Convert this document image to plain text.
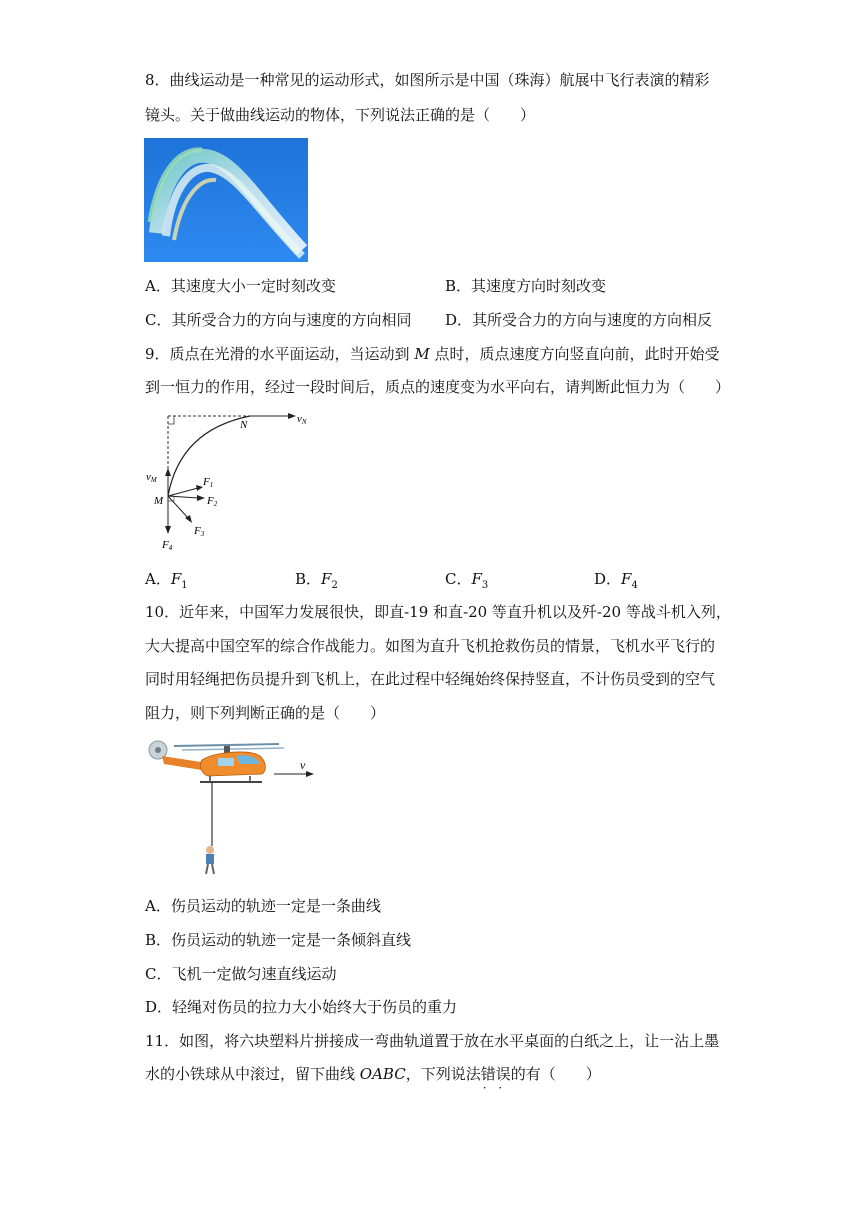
8．曲线运动是一种常见的运动形式，如图所示是中国（珠海）航展中飞行表演的精彩
镜头。关于做曲线运动的物体，下列说法正确的是（　　）
A．其速度大小一定时刻改变	B．其速度方向时刻改变
C．其所受合力的方向与速度的方向相同 D．其所受合力的方向与速度的方向相反
9．质点在光滑的水平面运动，当运动到 M 点时，质点速度方向竖直向前，此时开始受
到一恒力的作用，经过一段时间后，质点的速度变为水平向右，请判断此恒力为（　　）
vN
N
vM
M
F1
F2
F3
F4
A．$F_1$	B．$F_2$	C．$F_3$	D．$F_4$
10．近年来，中国军力发展很快，即直-19 和直-20 等直升机以及歼-20 等战斗机入列，
大大提高中国空军的综合作战能力。如图为直升飞机抢救伤员的情景，飞机水平飞行的
同时用轻绳把伤员提升到飞机上，在此过程中轻绳始终保持竖直，不计伤员受到的空气
阻力，则下列判断正确的是（　　）
v
A．伤员运动的轨迹一定是一条曲线
B．伤员运动的轨迹一定是一条倾斜直线
C．飞机一定做匀速直线运动
D．轻绳对伤员的拉力大小始终大于伤员的重力
11．如图，将六块塑料片拼接成一弯曲轨道置于放在水平桌面的白纸之上，让一沾上墨
水的小铁球从中滚过，留下曲线 OABC，下列说法错误 · ·的有（　　）
